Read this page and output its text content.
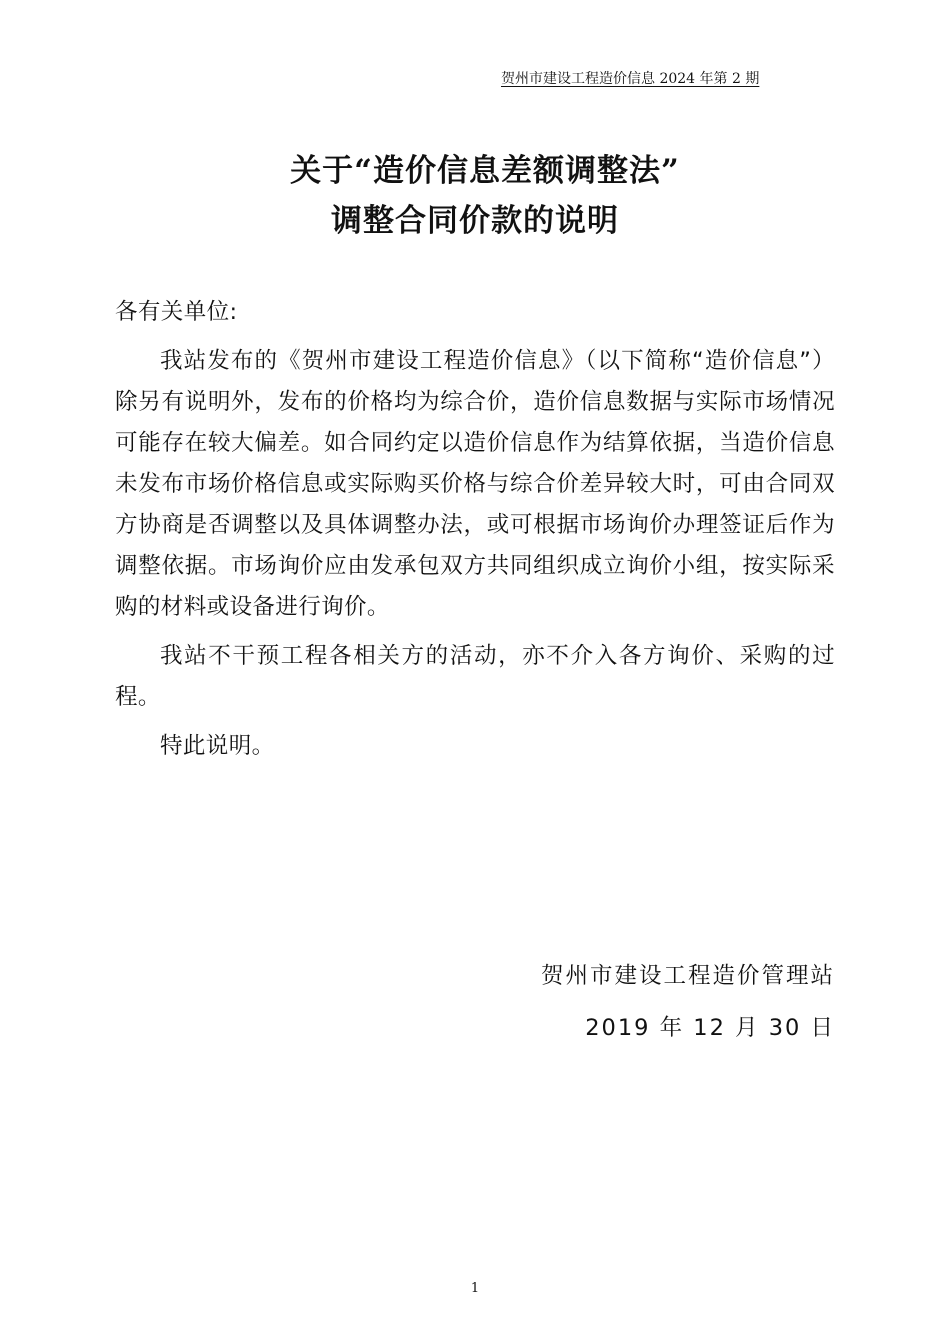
贺州市建设工程造价信息 2024 年第 2 期
关于“造价信息差额调整法”
调整合同价款的说明

各有关单位:

我站发布的《贺州市建设工程造价信息》（以下简称“造价信息”）除另有说明外，发布的价格均为综合价，造价信息数据与实际市场情况可能存在较大偏差。如合同约定以造价信息作为结算依据，当造价信息未发布市场价格信息或实际购买价格与综合价差异较大时，可由合同双方协商是否调整以及具体调整办法，或可根据市场询价办理签证后作为调整依据。市场询价应由发承包双方共同组织成立询价小组，按实际采购的材料或设备进行询价。

我站不干预工程各相关方的活动，亦不介入各方询价、采购的过程。

特此说明。

贺州市建设工程造价管理站
2019 年 12 月 30 日
1
